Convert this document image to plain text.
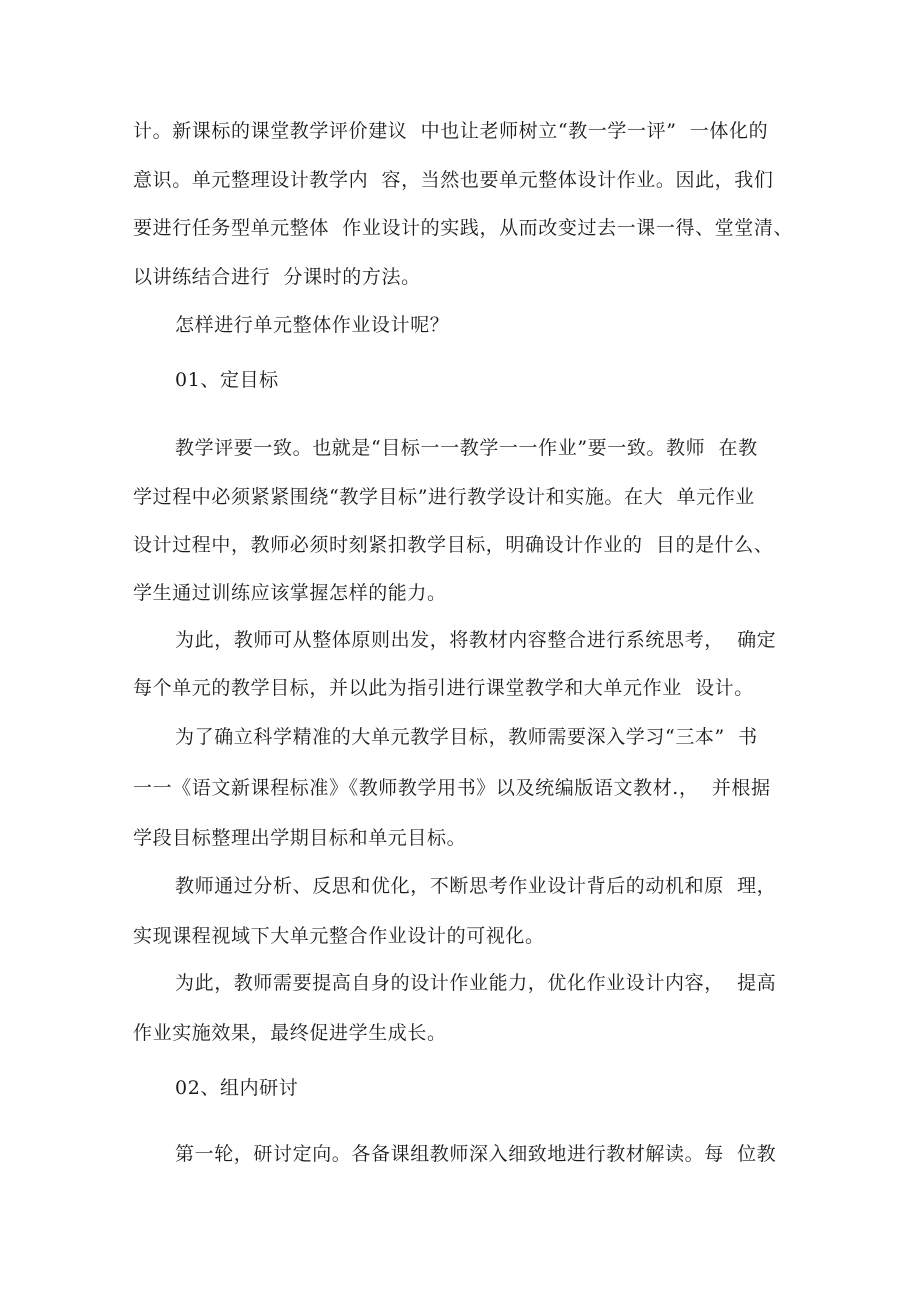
计。新课标的课堂教学评价建议  中也让老师树立“教一学一评”  一体化的
意识。单元整理设计教学内  容，当然也要单元整体设计作业。因此，我们
要进行任务型单元整体  作业设计的实践，从而改变过去一课一得、堂堂清、
以讲练结合进行  分课时的方法。
怎样进行单元整体作业设计呢？
01、定目标
教学评要一致。也就是“目标一一教学一一作业”要一致。教师  在教
学过程中必须紧紧围绕“教学目标”进行教学设计和实施。在大  单元作业
设计过程中，教师必须时刻紧扣教学目标，明确设计作业的  目的是什么、
学生通过训练应该掌握怎样的能力。
为此，教师可从整体原则出发，将教材内容整合进行系统思考，  确定
每个单元的教学目标，并以此为指引进行课堂教学和大单元作业  设计。
为了确立科学精准的大单元教学目标，教师需要深入学习“三本”  书
一一《语文新课程标准》《教师教学用书》以及统编版语文教材.，  并根据
学段目标整理出学期目标和单元目标。
教师通过分析、反思和优化，不断思考作业设计背后的动机和原  理，
实现课程视域下大单元整合作业设计的可视化。
为此，教师需要提高自身的设计作业能力，优化作业设计内容，  提高
作业实施效果，最终促进学生成长。
02、组内研讨
第一轮，研讨定向。各备课组教师深入细致地进行教材解读。每  位教
